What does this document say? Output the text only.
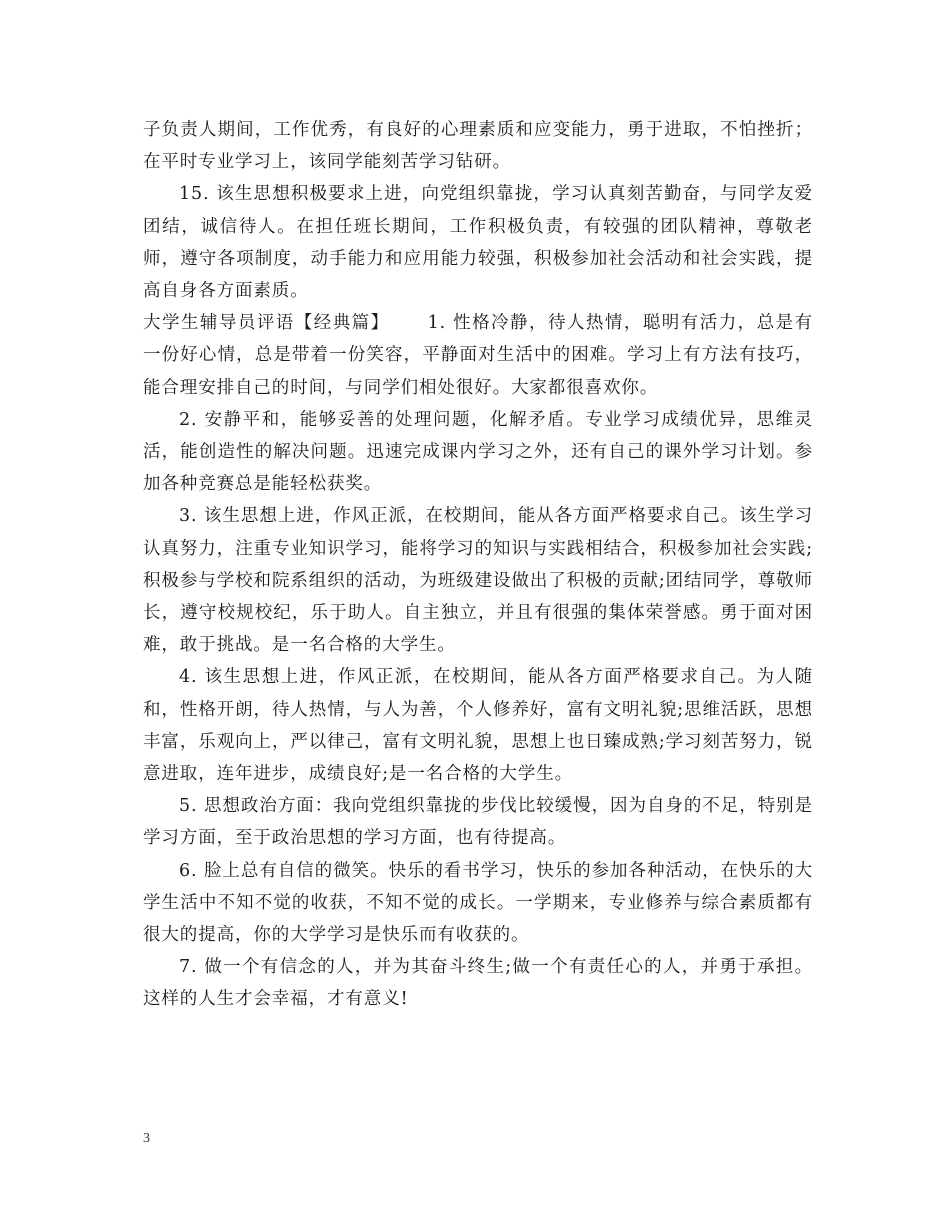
子负责人期间，工作优秀，有良好的心理素质和应变能力，勇于进取，不怕挫折；在平时专业学习上，该同学能刻苦学习钻研。

15. 该生思想积极要求上进，向党组织靠拢，学习认真刻苦勤奋，与同学友爱团结，诚信待人。在担任班长期间，工作积极负责，有较强的团队精神，尊敬老师，遵守各项制度，动手能力和应用能力较强，积极参加社会活动和社会实践，提高自身各方面素质。

大学生辅导员评语【经典篇】 1. 性格冷静，待人热情，聪明有活力，总是有一份好心情，总是带着一份笑容，平静面对生活中的困难。学习上有方法有技巧，能合理安排自己的时间，与同学们相处很好。大家都很喜欢你。

2. 安静平和，能够妥善的处理问题，化解矛盾。专业学习成绩优异，思维灵活，能创造性的解决问题。迅速完成课内学习之外，还有自己的课外学习计划。参加各种竞赛总是能轻松获奖。

3. 该生思想上进，作风正派，在校期间，能从各方面严格要求自己。该生学习认真努力，注重专业知识学习，能将学习的知识与实践相结合，积极参加社会实践;积极参与学校和院系组织的活动，为班级建设做出了积极的贡献;团结同学，尊敬师长，遵守校规校纪，乐于助人。自主独立，并且有很强的集体荣誉感。勇于面对困难，敢于挑战。是一名合格的大学生。

4. 该生思想上进，作风正派，在校期间，能从各方面严格要求自己。为人随和，性格开朗，待人热情，与人为善，个人修养好，富有文明礼貌;思维活跃，思想丰富，乐观向上，严以律己，富有文明礼貌，思想上也日臻成熟;学习刻苦努力，锐意进取，连年进步，成绩良好;是一名合格的大学生。

5. 思想政治方面：我向党组织靠拢的步伐比较缓慢，因为自身的不足，特别是学习方面，至于政治思想的学习方面，也有待提高。

6. 脸上总有自信的微笑。快乐的看书学习，快乐的参加各种活动，在快乐的大学生活中不知不觉的收获，不知不觉的成长。一学期来，专业修养与综合素质都有很大的提高，你的大学学习是快乐而有收获的。

7. 做一个有信念的人，并为其奋斗终生;做一个有责任心的人，并勇于承担。这样的人生才会幸福，才有意义!

3
